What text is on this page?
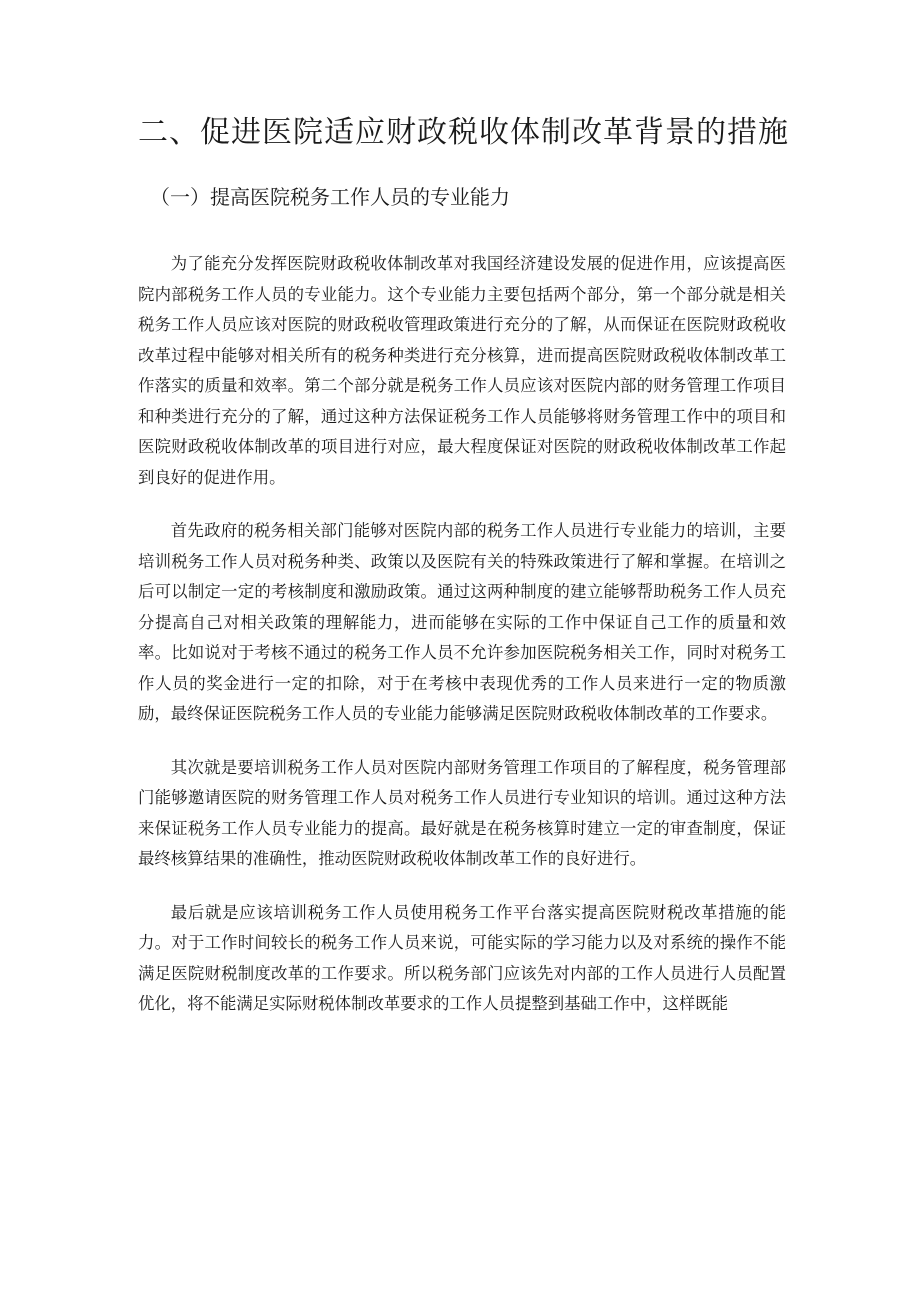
二、促进医院适应财政税收体制改革背景的措施
（一）提高医院税务工作人员的专业能力

为了能充分发挥医院财政税收体制改革对我国经济建设发展的促进作用，应该提高医院内部税务工作人员的专业能力。这个专业能力主要包括两个部分，第一个部分就是相关税务工作人员应该对医院的财政税收管理政策进行充分的了解，从而保证在医院财政税收改革过程中能够对相关所有的税务种类进行充分核算，进而提高医院财政税收体制改革工作落实的质量和效率。第二个部分就是税务工作人员应该对医院内部的财务管理工作项目和种类进行充分的了解，通过这种方法保证税务工作人员能够将财务管理工作中的项目和医院财政税收体制改革的项目进行对应，最大程度保证对医院的财政税收体制改革工作起到良好的促进作用。

首先政府的税务相关部门能够对医院内部的税务工作人员进行专业能力的培训，主要培训税务工作人员对税务种类、政策以及医院有关的特殊政策进行了解和掌握。在培训之后可以制定一定的考核制度和激励政策。通过这两种制度的建立能够帮助税务工作人员充分提高自己对相关政策的理解能力，进而能够在实际的工作中保证自己工作的质量和效率。比如说对于考核不通过的税务工作人员不允许参加医院税务相关工作，同时对税务工作人员的奖金进行一定的扣除，对于在考核中表现优秀的工作人员来进行一定的物质激励，最终保证医院税务工作人员的专业能力能够满足医院财政税收体制改革的工作要求。

其次就是要培训税务工作人员对医院内部财务管理工作项目的了解程度，税务管理部门能够邀请医院的财务管理工作人员对税务工作人员进行专业知识的培训。通过这种方法来保证税务工作人员专业能力的提高。最好就是在税务核算时建立一定的审查制度，保证最终核算结果的准确性，推动医院财政税收体制改革工作的良好进行。

最后就是应该培训税务工作人员使用税务工作平台落实提高医院财税改革措施的能力。对于工作时间较长的税务工作人员来说，可能实际的学习能力以及对系统的操作不能满足医院财税制度改革的工作要求。所以税务部门应该先对内部的工作人员进行人员配置优化，将不能满足实际财税体制改革要求的工作人员提整到基础工作中，这样既能
